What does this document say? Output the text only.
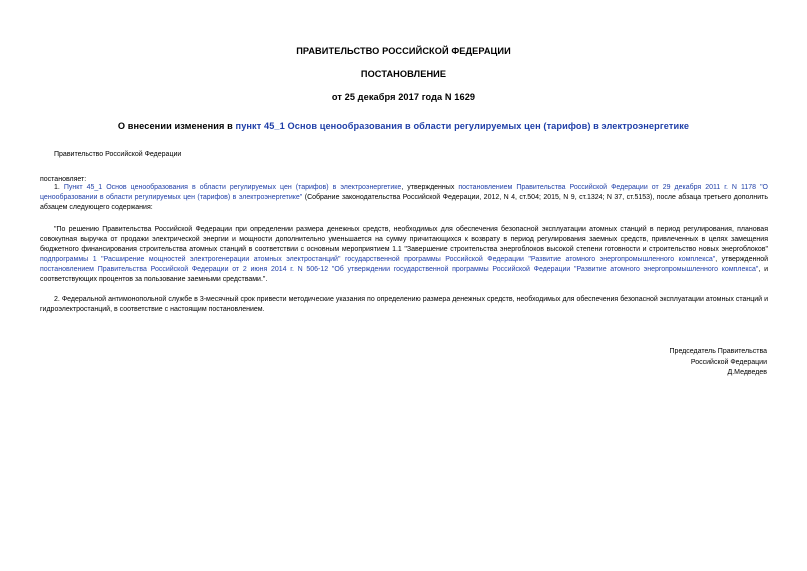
ПРАВИТЕЛЬСТВО РОССИЙСКОЙ ФЕДЕРАЦИИ
ПОСТАНОВЛЕНИЕ
от 25 декабря 2017 года N 1629
О внесении изменения в пункт 45_1 Основ ценообразования в области регулируемых цен (тарифов) в электроэнергетике
Правительство Российской Федерации
постановляет:
1. Пункт 45_1 Основ ценообразования в области регулируемых цен (тарифов) в электроэнергетике, утвержденных постановлением Правительства Российской Федерации от 29 декабря 2011 г. N 1178 "О ценообразовании в области регулируемых цен (тарифов) в электроэнергетике" (Собрание законодательства Российской Федерации, 2012, N 4, ст.504; 2015, N 9, ст.1324; N 37, ст.5153), после абзаца третьего дополнить абзацем следующего содержания:
"По решению Правительства Российской Федерации при определении размера денежных средств, необходимых для обеспечения безопасной эксплуатации атомных станций в период регулирования, плановая совокупная выручка от продажи электрической энергии и мощности дополнительно уменьшается на сумму причитающихся к возврату в период регулирования заемных средств, привлеченных в целях замещения бюджетного финансирования строительства атомных станций в соответствии с основным мероприятием 1.1 "Завершение строительства энергоблоков высокой степени готовности и строительство новых энергоблоков" подпрограммы 1 "Расширение мощностей электрогенерации атомных электростанций" государственной программы Российской Федерации "Развитие атомного энергопромышленного комплекса", утвержденной постановлением Правительства Российской Федерации от 2 июня 2014 г. N 506-12 "Об утверждении государственной программы Российской Федерации "Развитие атомного энергопромышленного комплекса", и соответствующих процентов за пользование заемными средствами.".
2. Федеральной антимонопольной службе в 3-месячный срок привести методические указания по определению размера денежных средств, необходимых для обеспечения безопасной эксплуатации атомных станций и гидроэлектростанций, в соответствие с настоящим постановлением.
Председатель Правительства
Российской Федерации
Д.Медведев
